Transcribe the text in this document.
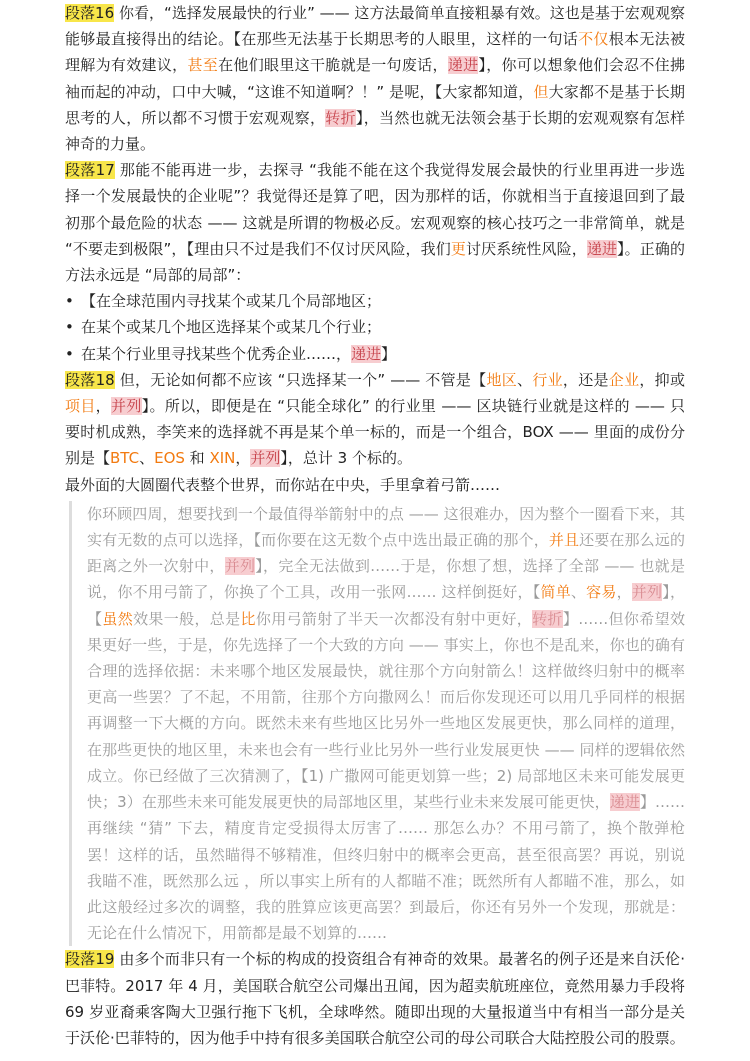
段落16 你看，“选择发展最快的行业” —— 这方法最简单直接粗暴有效。这也是基于宏观观察能够最直接得出的结论。【在那些无法基于长期思考的人眼里，这样的一句话不仅根本无法被理解为有效建议，甚至在他们眼里这干脆就是一句废话，递进】，你可以想象他们会忍不住拂袖而起的冲动，口中大喊，“这谁不知道啊？！” 是呢，【大家都知道，但大家都不是基于长期思考的人，所以都不习惯于宏观观察，转折】，当然也就无法领会基于长期的宏观观察有怎样神奇的力量。

段落17 那能不能再进一步，去探寻 “我能不能在这个我觉得发展会最快的行业里再进一步选择一个发展最快的企业呢”？我觉得还是算了吧，因为那样的话，你就相当于直接退回到了最初那个最危险的状态 —— 这就是所谓的物极必反。宏观观察的核心技巧之一非常简单，就是 “不要走到极限”，【理由只不过是我们不仅讨厌风险，我们更讨厌系统性风险，递进】。正确的方法永远是 “局部的局部”：

• 【在全球范围内寻找某个或某几个局部地区；
• 在某个或某几个地区选择某个或某几个行业；
• 在某个行业里寻找某些个优秀企业……，递进】

段落18 但，无论如何都不应该 “只选择某一个” —— 不管是【地区、行业，还是企业，抑或项目，并列】。所以，即便是在 “只能全球化” 的行业里 —— 区块链行业就是这样的 —— 只要时机成熟，李笑来的选择就不再是某个单一标的，而是一个组合，BOX —— 里面的成份分别是【BTC、EOS 和 XIN，并列】，总计 3 个标的。

最外面的大圆圈代表整个世界，而你站在中央，手里拿着弓箭……

你环顾四周，想要找到一个最值得举箭射中的点 —— 这很难办，因为整个一圈看下来，其实有无数的点可以选择，【而你要在这无数个点中选出最正确的那个，并且还要在那么远的距离之外一次射中，并列】，完全无法做到……于是，你想了想，选择了全部 —— 也就是说，你不用弓箭了，你换了个工具，改用一张网…… 这样倒挺好，【简单、容易，并列】，【虽然效果一般，总是比你用弓箭射了半天一次都没有射中更好，转折】……但你希望效果更好一些，于是，你先选择了一个大致的方向 —— 事实上，你也不是乱来，你也的确有合理的选择依据：未来哪个地区发展最快，就往那个方向射箭么！这样做终归射中的概率更高一些罢？了不起，不用箭，往那个方向撒网么！而后你发现还可以用几乎同样的根据再调整一下大概的方向。既然未来有些地区比另外一些地区发展更快，那么同样的道理，在那些更快的地区里，未来也会有一些行业比另外一些行业发展更快 —— 同样的逻辑依然成立。你已经做了三次猜测了，【1) 广撒网可能更划算一些；2) 局部地区未来可能发展更快；3）在那些未来可能发展更快的局部地区里，某些行业未来发展可能更快，递进】…… 再继续 “猜” 下去，精度肯定受损得太厉害了…… 那怎么办？不用弓箭了，换个散弹枪罢！这样的话，虽然瞄得不够精准，但终归射中的概率会更高，甚至很高罢？再说，别说我瞄不准，既然那么远 ，所以事实上所有的人都瞄不准；既然所有人都瞄不准，那么，如此这般经过多次的调整，我的胜算应该更高罢？到最后，你还有另外一个发现，那就是：无论在什么情况下，用箭都是最不划算的……

段落19 由多个而非只有一个标的构成的投资组合有神奇的效果。最著名的例子还是来自沃伦·巴菲特。2017 年 4 月，美国联合航空公司爆出丑闻，因为超卖航班座位，竟然用暴力手段将 69 岁亚裔乘客陶大卫强行拖下飞机，全球哗然。随即出现的大量报道当中有相当一部分是关于沃伦·巴菲特的，因为他手中持有很多美国联合航空公司的母公司联合大陆控股公司的股票。
